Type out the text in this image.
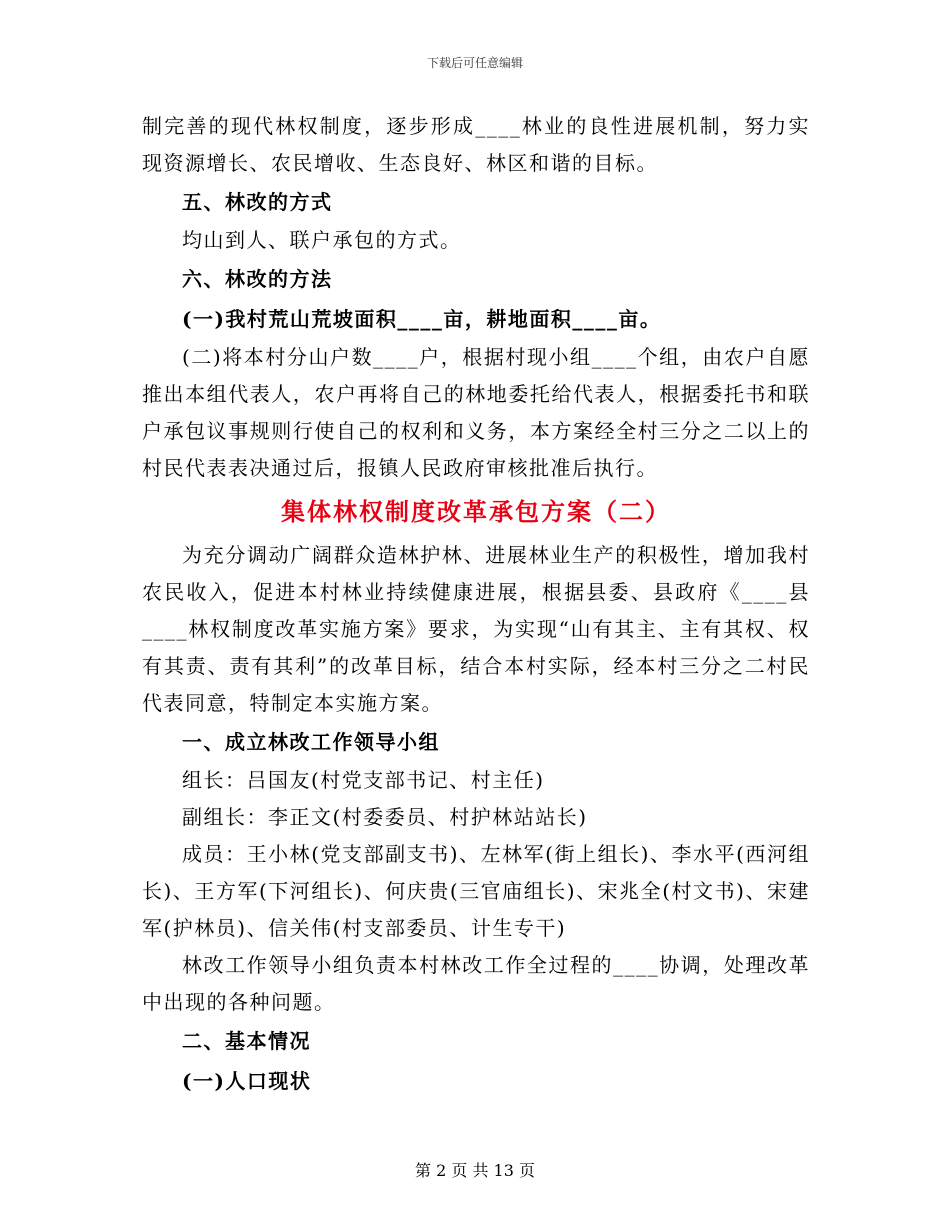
下载后可任意编辑

制完善的现代林权制度，逐步形成____林业的良性进展机制，努力实现资源增长、农民增收、生态良好、林区和谐的目标。

五、林改的方式

均山到人、联户承包的方式。

六、林改的方法

(一)我村荒山荒坡面积____亩，耕地面积____亩。

(二)将本村分山户数____户，根据村现小组____个组，由农户自愿推出本组代表人，农户再将自己的林地委托给代表人，根据委托书和联户承包议事规则行使自己的权利和义务，本方案经全村三分之二以上的村民代表表决通过后，报镇人民政府审核批准后执行。

集体林权制度改革承包方案（二）

为充分调动广阔群众造林护林、进展林业生产的积极性，增加我村农民收入，促进本村林业持续健康进展，根据县委、县政府《____县____林权制度改革实施方案》要求，为实现“山有其主、主有其权、权有其责、责有其利”的改革目标，结合本村实际，经本村三分之二村民代表同意，特制定本实施方案。

一、成立林改工作领导小组

组长：吕国友(村党支部书记、村主任)

副组长：李正文(村委委员、村护林站站长)

成员：王小林(党支部副支书)、左林军(街上组长)、李水平(西河组长)、王方军(下河组长)、何庆贵(三官庙组长)、宋兆全(村文书)、宋建军(护林员)、信关伟(村支部委员、计生专干)

林改工作领导小组负责本村林改工作全过程的____协调，处理改革中出现的各种问题。

二、基本情况

(一)人口现状

第 2 页 共 13 页
